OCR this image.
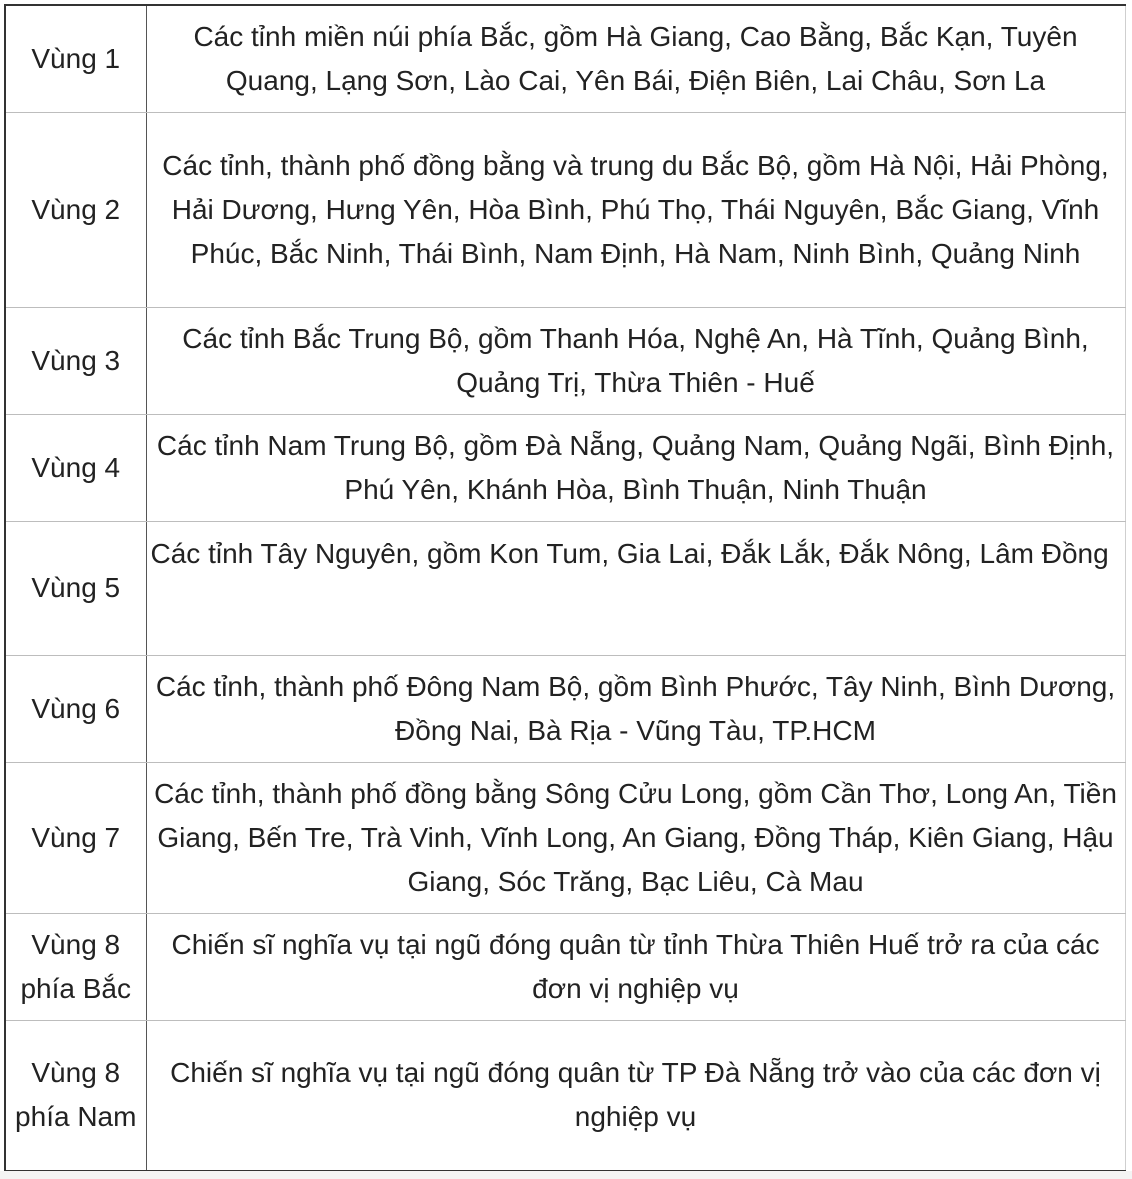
Vùng 1	Các tỉnh miền núi phía Bắc, gồm Hà Giang, Cao Bằng, Bắc Kạn, Tuyên Quang, Lạng Sơn, Lào Cai, Yên Bái, Điện Biên, Lai Châu, Sơn La
Vùng 2	Các tỉnh, thành phố đồng bằng và trung du Bắc Bộ, gồm Hà Nội, Hải Phòng, Hải Dương, Hưng Yên, Hòa Bình, Phú Thọ, Thái Nguyên, Bắc Giang, Vĩnh Phúc, Bắc Ninh, Thái Bình, Nam Định, Hà Nam, Ninh Bình, Quảng Ninh
Vùng 3	Các tỉnh Bắc Trung Bộ, gồm Thanh Hóa, Nghệ An, Hà Tĩnh, Quảng Bình, Quảng Trị, Thừa Thiên - Huế
Vùng 4	Các tỉnh Nam Trung Bộ, gồm Đà Nẵng, Quảng Nam, Quảng Ngãi, Bình Định, Phú Yên, Khánh Hòa, Bình Thuận, Ninh Thuận
Vùng 5	Các tỉnh Tây Nguyên, gồm Kon Tum, Gia Lai, Đắk Lắk, Đắk Nông, Lâm Đồng
Vùng 6	Các tỉnh, thành phố Đông Nam Bộ, gồm Bình Phước, Tây Ninh, Bình Dương, Đồng Nai, Bà Rịa - Vũng Tàu, TP.HCM
Vùng 7	Các tỉnh, thành phố đồng bằng Sông Cửu Long, gồm Cần Thơ, Long An, Tiền Giang, Bến Tre, Trà Vinh, Vĩnh Long, An Giang, Đồng Tháp, Kiên Giang, Hậu Giang, Sóc Trăng, Bạc Liêu, Cà Mau
Vùng 8 phía Bắc	Chiến sĩ nghĩa vụ tại ngũ đóng quân từ tỉnh Thừa Thiên Huế trở ra của các đơn vị nghiệp vụ
Vùng 8 phía Nam	Chiến sĩ nghĩa vụ tại ngũ đóng quân từ TP Đà Nẵng trở vào của các đơn vị nghiệp vụ
